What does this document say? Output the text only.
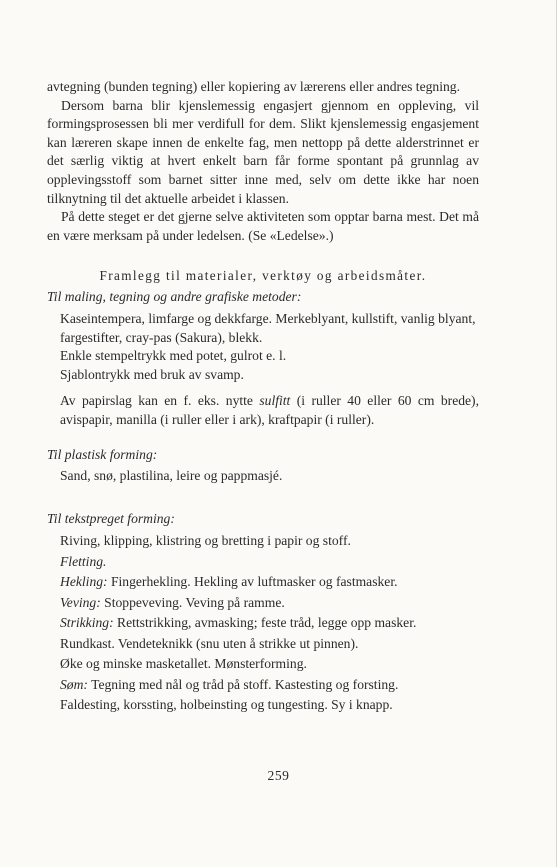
avtegning (bunden tegning) eller kopiering av lærerens eller andres tegning.

Dersom barna blir kjenslemessig engasjert gjennom en oppleving, vil formingsprosessen bli mer verdifull for dem. Slikt kjenslemessig engasjement kan læreren skape innen de enkelte fag, men nettopp på dette alderstrinnet er det særlig viktig at hvert enkelt barn får forme spontant på grunnlag av opplevingsstoff som barnet sitter inne med, selv om dette ikke har noen tilknytning til det aktuelle arbeidet i klassen.

På dette steget er det gjerne selve aktiviteten som opptar barna mest. Det må en være merksam på under ledelsen. (Se «Ledelse».)

Framlegg til materialer, verktøy og arbeidsmåter.

Til maling, tegning og andre grafiske metoder:

Kaseintempera, limfarge og dekkfarge. Merkeblyant, kullstift, vanlig blyant, fargestifter, cray-pas (Sakura), blekk.

Enkle stempeltrykk med potet, gulrot e. l.

Sjablontrykk med bruk av svamp.

Av papirslag kan en f. eks. nytte sulfitt (i ruller 40 eller 60 cm brede), avispapir, manilla (i ruller eller i ark), kraftpapir (i ruller).

Til plastisk forming:

Sand, snø, plastilina, leire og pappmasjé.

Til tekstpreget forming:

Riving, klipping, klistring og bretting i papir og stoff.

Fletting.

Hekling: Fingerhekling. Hekling av luftmasker og fastmasker.

Veving: Stoppeveving. Veving på ramme.

Strikking: Rettstrikking, avmasking; feste tråd, legge opp masker.

Rundkast. Vendeteknikk (snu uten å strikke ut pinnen).

Øke og minske masketallet. Mønsterforming.

Søm: Tegning med nål og tråd på stoff. Kastesting og forsting.

Faldesting, korssting, holbeinsting og tungesting. Sy i knapp.

259
